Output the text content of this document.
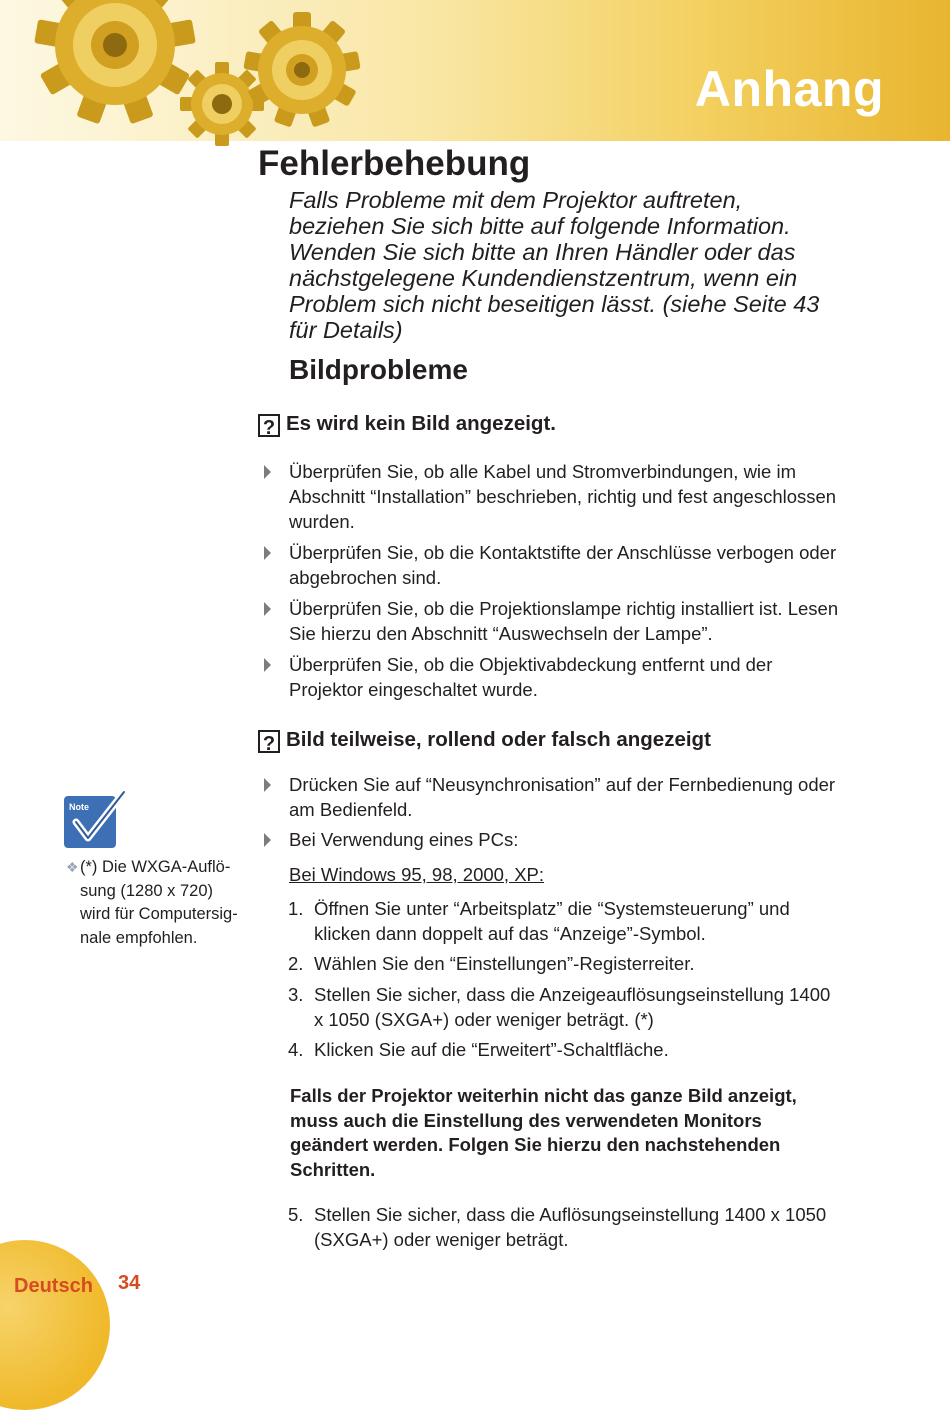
Anhang
Fehlerbehebung
Falls Probleme mit dem Projektor auftreten,
beziehen Sie sich bitte auf folgende Information.
Wenden Sie sich bitte an Ihren Händler oder das
nächstgelegene Kundendienstzentrum, wenn ein
Problem sich nicht beseitigen lässt. (siehe Seite 43
für Details)
Bildprobleme
? Es wird kein Bild angezeigt.
Überprüfen Sie, ob alle Kabel und Stromverbindungen, wie im
Abschnitt “Installation” beschrieben, richtig und fest angeschlossen
wurden.
Überprüfen Sie, ob die Kontaktstifte der Anschlüsse verbogen oder
abgebrochen sind.
Überprüfen Sie, ob die Projektionslampe richtig installiert ist. Lesen
Sie hierzu den Abschnitt “Auswechseln der Lampe”.
Überprüfen Sie, ob die Objektivabdeckung entfernt und der
Projektor eingeschaltet wurde.
? Bild teilweise, rollend oder falsch angezeigt
Drücken Sie auf “Neusynchronisation” auf der Fernbedienung oder
am Bedienfeld.
Bei Verwendung eines PCs:
Bei Windows 95, 98, 2000, XP:
1. Öffnen Sie unter “Arbeitsplatz” die “Systemsteuerung” und
klicken dann doppelt auf das “Anzeige”-Symbol.
2. Wählen Sie den “Einstellungen”-Registerreiter.
3. Stellen Sie sicher, dass die Anzeigeauflösungseinstellung 1400
x 1050 (SXGA+) oder weniger beträgt. (*)
4. Klicken Sie auf die “Erweitert”-Schaltfläche.
Falls der Projektor weiterhin nicht das ganze Bild anzeigt,
muss auch die Einstellung des verwendeten Monitors
geändert werden. Folgen Sie hierzu den nachstehenden
Schritten.
5. Stellen Sie sicher, dass die Auflösungseinstellung 1400 x 1050
(SXGA+) oder weniger beträgt.
Note
❖ (*) Die WXGA-Auflö-
sung (1280 x 720)
wird für Computersig-
nale empfohlen.
Deutsch 34
